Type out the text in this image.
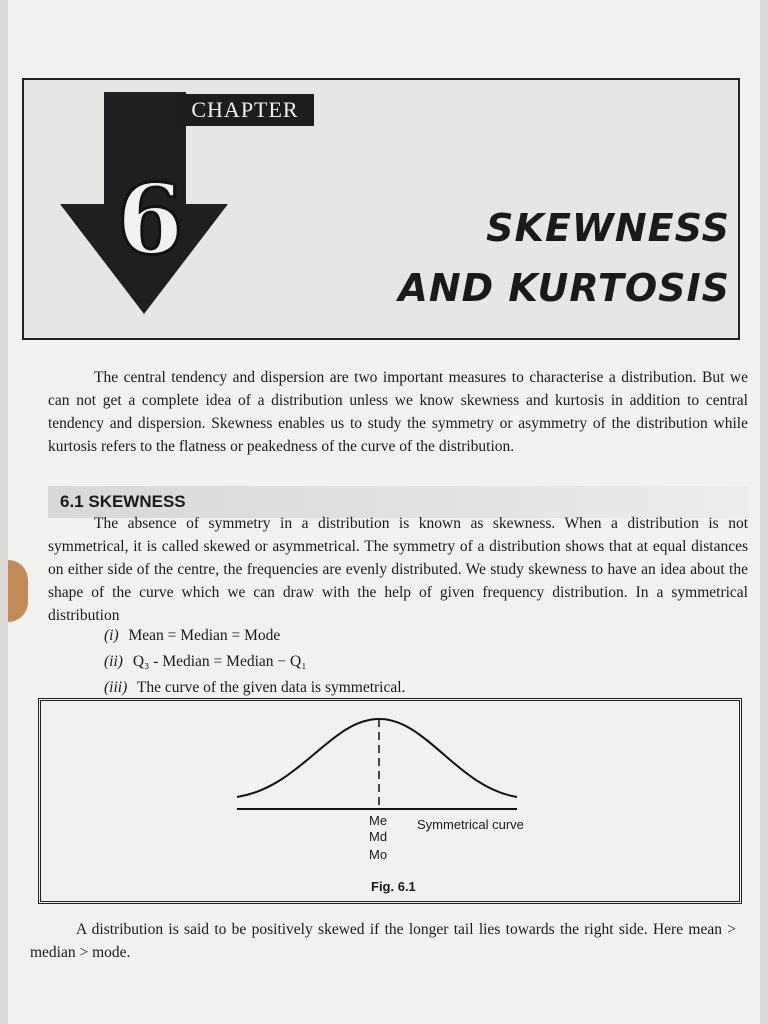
CHAPTER
6	SKEWNESS
AND KURTOSIS

The central tendency and dispersion are two important measures to characterise a distribution. But we can not get a complete idea of a distribution unless we know skewness and kurtosis in addition to central tendency and dispersion. Skewness enables us to study the symmetry or asymmetry of the distribution while kurtosis refers to the flatness or peakedness of the curve of the distribution.

6.1 SKEWNESS

The absence of symmetry in a distribution is known as skewness. When a distribution is not symmetrical, it is called skewed or asymmetrical. The symmetry of a distribution shows that at equal distances on either side of the centre, the frequencies are evenly distributed. We study skewness to have an idea about the shape of the curve which we can draw with the help of given frequency distribution. In a symmetrical distribution

(i) Mean = Median = Mode
(ii) Q₃ - Median = Median − Q₁
(iii) The curve of the given data is symmetrical.
Me
Md
Mo
Symmetrical curve
Fig. 6.1

A distribution is said to be positively skewed if the longer tail lies towards the right side. Here mean > median > mode.
